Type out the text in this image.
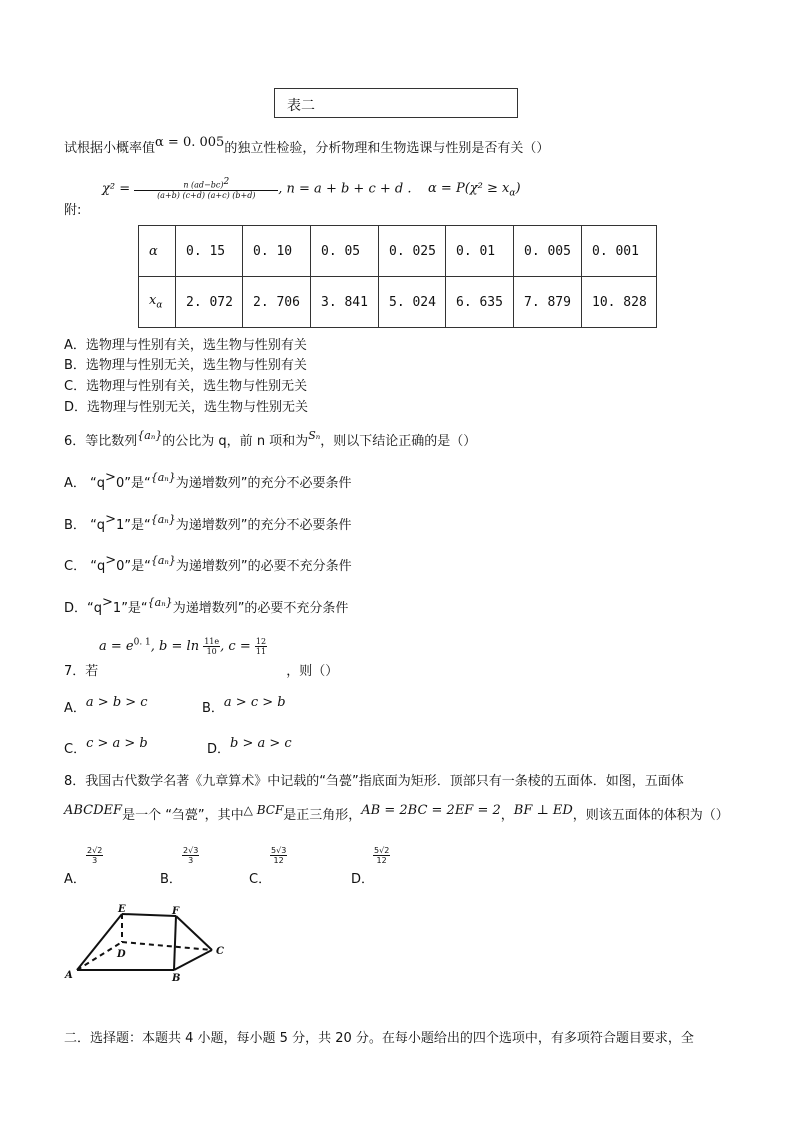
表二
试根据小概率值α = 0. 005的独立性检验，分析物理和生物选课与性别是否有关（）
$\chi^2 = \frac{n (ad-bc)2}{(a+b) (c+d) (a+c) (b+d)}$ , n = a + b + c + d . $\alpha = P(\chi^2 \ge x_\alpha)$
附:
α	0. 15	0. 10	0. 05	0. 025	0. 01	0. 005	0. 001
$x_\alpha$	2. 072	2. 706	3. 841	5. 024	6. 635	7. 879	10. 828
A．选物理与性别有关，选生物与性别有关
B．选物理与性别无关，选生物与性别有关
C．选物理与性别有关，选生物与性别无关
D．选物理与性别无关，选生物与性别无关
6．等比数列$^{\{a_n\}}$的公比为 q，前 n 项和为$^{S_n}$，则以下结论正确的是（）
A． “q>0”是“$^{\{a_n\}}$为递增数列”的充分不必要条件
B． “q>1”是“$^{\{a_n\}}$为递增数列”的充分不必要条件
C． “q>0”是“$^{\{a_n\}}$为递增数列”的必要不充分条件
D．“q>1”是“$^{\{a_n\}}$为递增数列”的必要不充分条件
$a = e^{0. 1}$, $b = \ln \frac{11e}{10}$ , $c = \frac{12}{11}$
7．若	，则（）
A．a > b > c	B．a > c > b
C．c > a > b	D．b > a > c
8．我国古代数学名著《九章算术》中记载的“刍甍”指底面为矩形．顶部只有一条棱的五面体．如图，五面体
ABCDEF是一个 “刍甍”，其中△ BCF是正三角形，AB = 2BC = 2EF = 2，BF ⊥ ED，则该五面体的体积为（）
$\frac{2√2}{3}$
A．
$\frac{2√3}{3}$
B．
$\frac{5√3}{12}$
C．
$\frac{5√2}{12}$
D．
A	B
C
D
E	F
二．选择题：本题共 4 小题，每小题 5 分，共 20 分。在每小题给出的四个选项中，有多项符合题目要求，全
